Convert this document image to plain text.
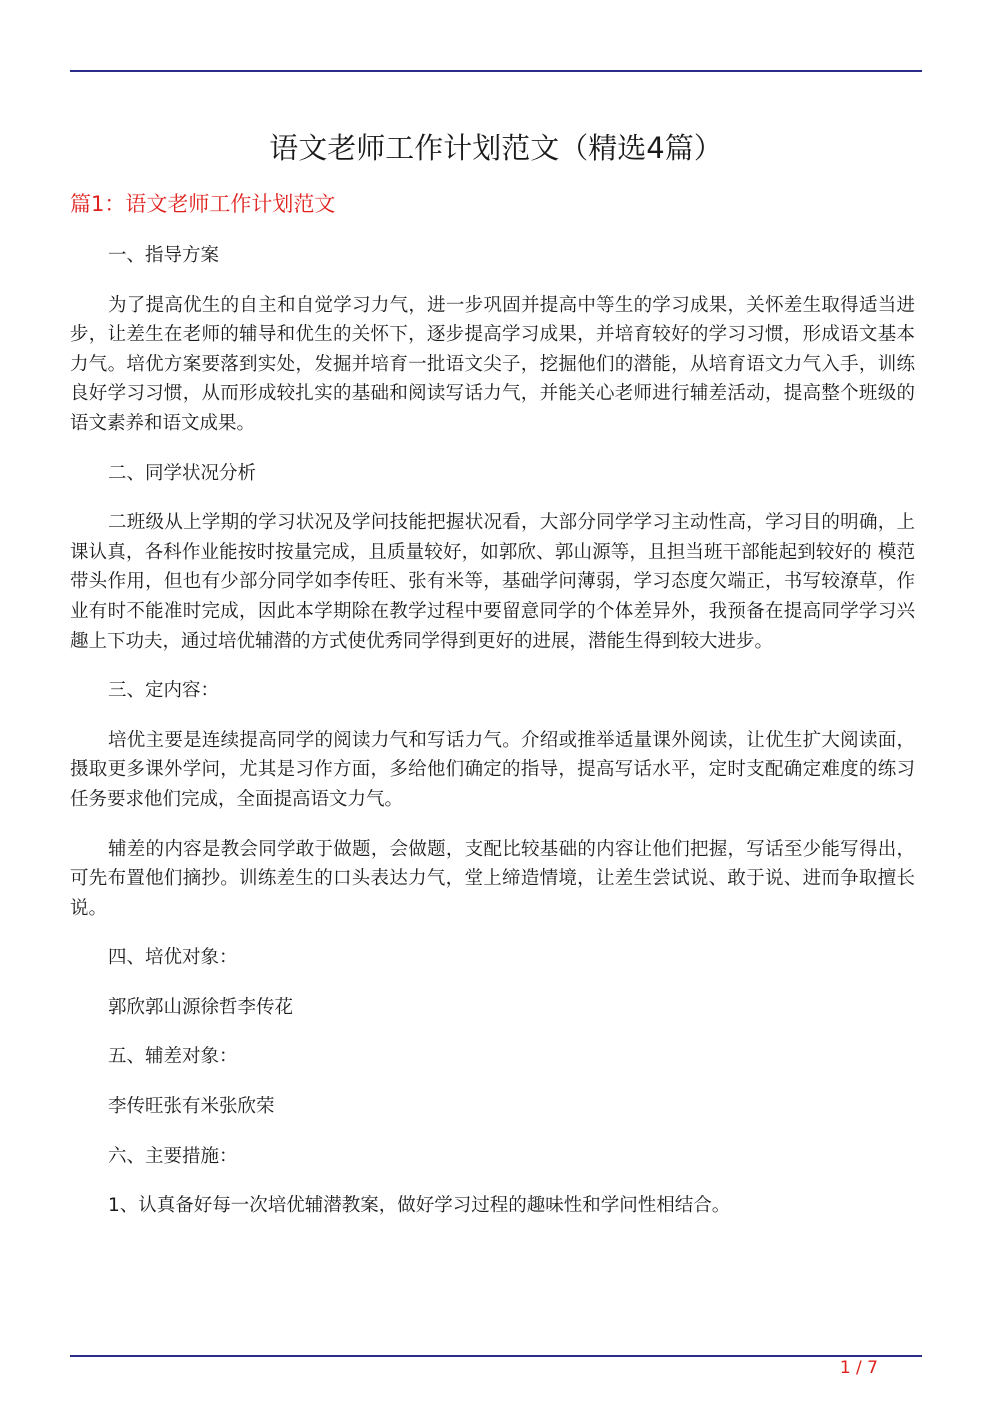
语文老师工作计划范文（精选4篇）
篇1：语文老师工作计划范文

一、指导方案

为了提高优生的自主和自觉学习力气，进一步巩固并提高中等生的学习成果，关怀差生取得适当进步，让差生在老师的辅导和优生的关怀下，逐步提高学习成果，并培育较好的学习习惯，形成语文基本力气。培优方案要落到实处，发掘并培育一批语文尖子，挖掘他们的潜能，从培育语文力气入手，训练良好学习习惯，从而形成较扎实的基础和阅读写话力气，并能关心老师进行辅差活动，提高整个班级的语文素养和语文成果。

二、同学状况分析

二班级从上学期的学习状况及学问技能把握状况看，大部分同学学习主动性高，学习目的明确，上课认真，各科作业能按时按量完成，且质量较好，如郭欣、郭山源等，且担当班干部能起到较好的 模范带头作用，但也有少部分同学如李传旺、张有米等，基础学问薄弱，学习态度欠端正，书写较潦草，作业有时不能准时完成，因此本学期除在教学过程中要留意同学的个体差异外，我预备在提高同学学习兴趣上下功夫，通过培优辅潜的方式使优秀同学得到更好的进展，潜能生得到较大进步。

三、定内容：

培优主要是连续提高同学的阅读力气和写话力气。介绍或推举适量课外阅读，让优生扩大阅读面，摄取更多课外学问，尤其是习作方面，多给他们确定的指导，提高写话水平，定时支配确定难度的练习任务要求他们完成，全面提高语文力气。

辅差的内容是教会同学敢于做题，会做题，支配比较基础的内容让他们把握，写话至少能写得出，可先布置他们摘抄。训练差生的口头表达力气，堂上缔造情境，让差生尝试说、敢于说、进而争取擅长说。

四、培优对象：

郭欣郭山源徐哲李传花

五、辅差对象：

李传旺张有米张欣荣

六、主要措施：

1、认真备好每一次培优辅潜教案，做好学习过程的趣味性和学问性相结合。

1 / 7
